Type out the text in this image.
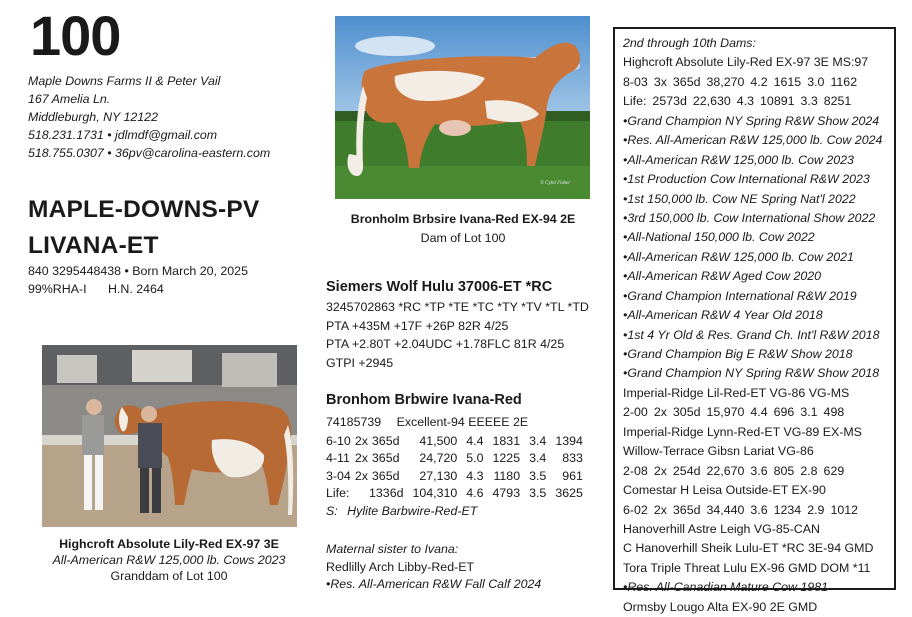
100
Maple Downs Farms II & Peter Vail
167 Amelia Ln.
Middleburgh, NY 12122
518.231.1731 • jdlmdf@gmail.com
518.755.0307 • 36pv@carolina-eastern.com
MAPLE-DOWNS-PV
LIVANA-ET
840 3295448438 • Born March 20, 2025
99%RHA-I H.N. 2464
Highcroft Absolute Lily-Red EX-97 3E
All-American R&W 125,000 lb. Cows 2023
Granddam of Lot 100
© Cybil Fisher
Bronholm Brbsire Ivana-Red EX-94 2E
Dam of Lot 100
Siemers Wolf Hulu 37006-ET *RC
3245702863 *RC *TP *TE *TC *TY *TV *TL *TD
PTA +435M +17F +26P 82R 4/25
PTA +2.80T +2.04UDC +1.78FLC 81R 4/25
GTPI +2945
Bronhom Brbwire Ivana-Red
74185739 Excellent-94 EEEEE 2E
6-10	2x	365d	41,500	4.4	1831	3.4	1394
4-11	2x	365d	24,720	5.0	1225	3.4	833
3-04	2x	365d	27,130	4.3	1180	3.5	961
Life:	1336d		104,310	4.6	4793	3.5	3625
S: Hylite Barbwire-Red-ET
Maternal sister to Ivana:
Redlilly Arch Libby-Red-ET
•Res. All-American R&W Fall Calf 2024
2nd through 10th Dams:
Highcroft Absolute Lily-Red EX-97 3E MS:97
8-03 3x 365d 38,270 4.2 1615 3.0 1162
Life: 2573d 22,630 4.3 10891 3.3 8251
•Grand Champion NY Spring R&W Show 2024
•Res. All-American R&W 125,000 lb. Cow 2024
•All-American R&W 125,000 lb. Cow 2023
•1st Production Cow International R&W 2023
•1st 150,000 lb. Cow NE Spring Nat'l 2022
•3rd 150,000 lb. Cow International Show 2022
•All-National 150,000 lb. Cow 2022
•All-American R&W 125,000 lb. Cow 2021
•All-American R&W Aged Cow 2020
•Grand Champion International R&W 2019
•All-American R&W 4 Year Old 2018
•1st 4 Yr Old & Res. Grand Ch. Int'l R&W 2018
•Grand Champion Big E R&W Show 2018
•Grand Champion NY Spring R&W Show 2018
Imperial-Ridge Lil-Red-ET VG-86 VG-MS
2-00 2x 305d 15,970 4.4 696 3.1 498
Imperial-Ridge Lynn-Red-ET VG-89 EX-MS
Willow-Terrace Gibsn Lariat VG-86
2-08 2x 254d 22,670 3.6 805 2.8 629
Comestar H Leisa Outside-ET EX-90
6-02 2x 365d 34,440 3.6 1234 2.9 1012
Hanoverhill Astre Leigh VG-85-CAN
C Hanoverhill Sheik Lulu-ET *RC 3E-94 GMD
Tora Triple Threat Lulu EX-96 GMD DOM *11
•Res. All-Canadian Mature Cow 1981
Ormsby Lougo Alta EX-90 2E GMD
